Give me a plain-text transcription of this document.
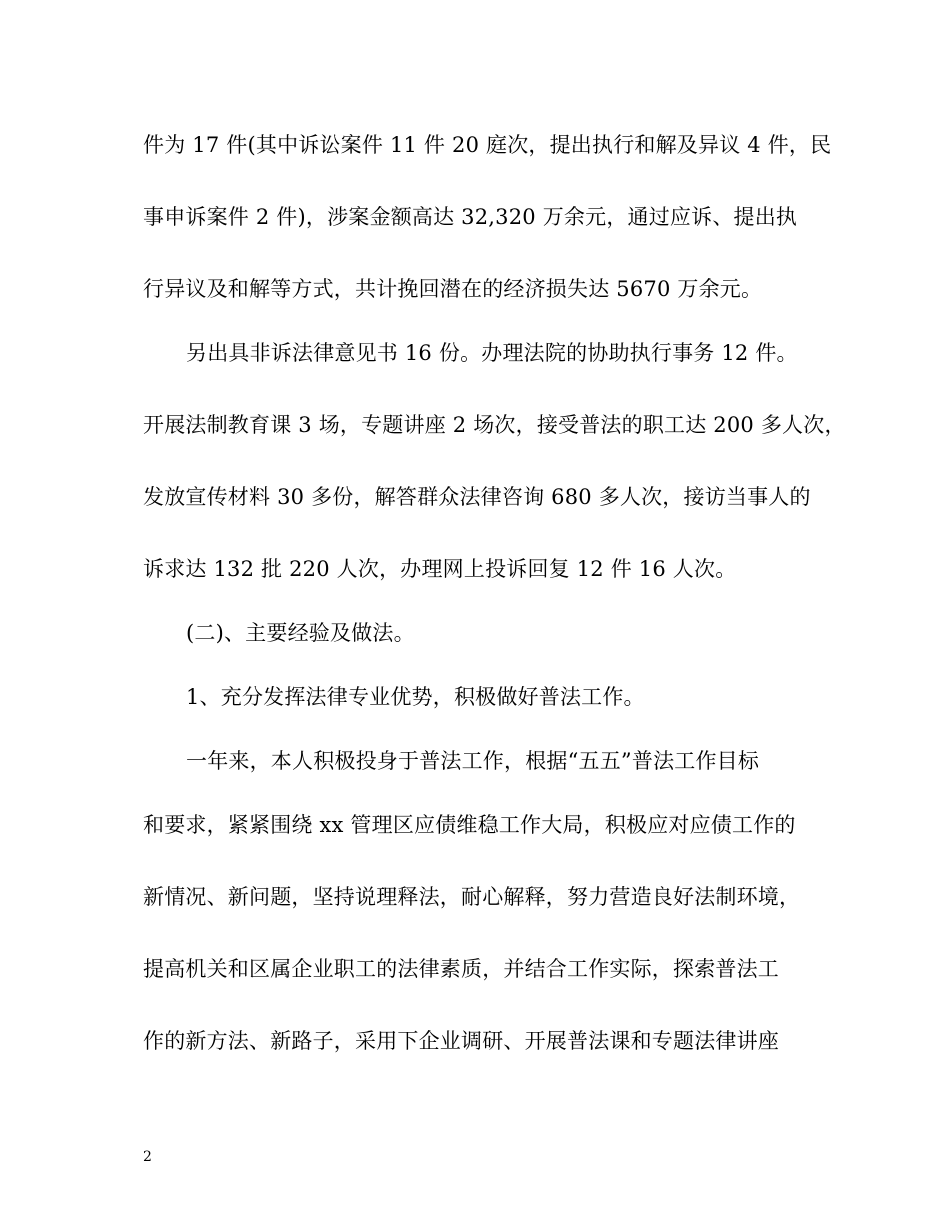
件为 17 件(其中诉讼案件 11 件 20 庭次，提出执行和解及异议 4 件，民
事申诉案件 2 件)，涉案金额高达 32,320 万余元，通过应诉、提出执
行异议及和解等方式，共计挽回潜在的经济损失达 5670 万余元。
另出具非诉法律意见书 16 份。办理法院的协助执行事务 12 件。
开展法制教育课 3 场，专题讲座 2 场次，接受普法的职工达 200 多人次，
发放宣传材料 30 多份，解答群众法律咨询 680 多人次，接访当事人的
诉求达 132 批 220 人次，办理网上投诉回复 12 件 16 人次。
(二)、主要经验及做法。
1、充分发挥法律专业优势，积极做好普法工作。
一年来，本人积极投身于普法工作，根据“五五”普法工作目标
和要求，紧紧围绕 xx 管理区应债维稳工作大局，积极应对应债工作的
新情况、新问题，坚持说理释法，耐心解释，努力营造良好法制环境，
提高机关和区属企业职工的法律素质，并结合工作实际，探索普法工
作的新方法、新路子，采用下企业调研、开展普法课和专题法律讲座
2
